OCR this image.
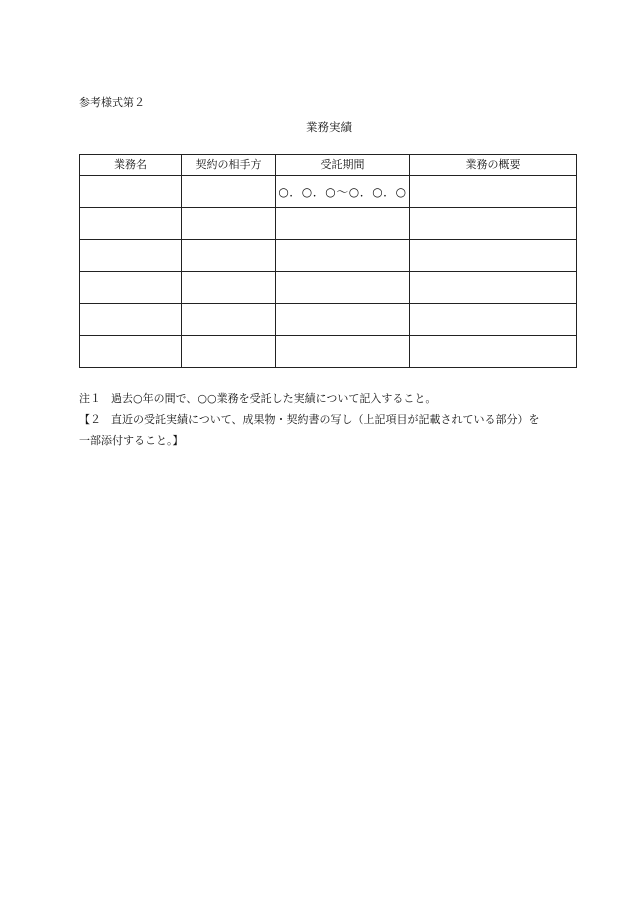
参考様式第２
業務実績
業務名	契約の相手方	受託期間	業務の概要
		○．○．○～○．○．○	

注１ 過去○年の間で、○○業務を受託した実績について記入すること。

【２ 直近の受託実績について、成果物・契約書の写し（上記項目が記載されている部分）を

一部添付すること。】
